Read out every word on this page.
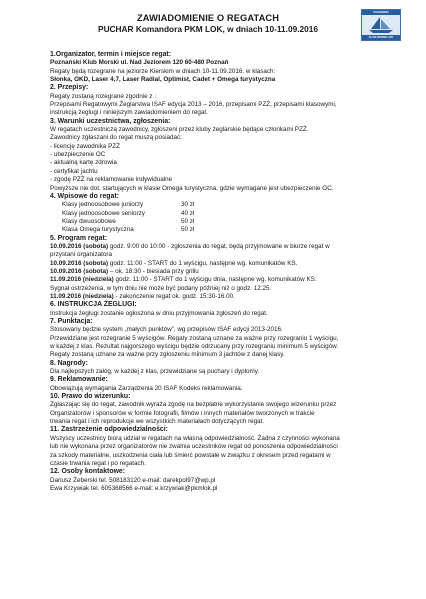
ZAWIADOMIENIE O REGATACH
PUCHAR Komandora PKM LOK, w dniach 10-11.09.2016
POZNAŃSKI
KLUB MORSKI LOK
1.Organizator, termin i miejsce regat:
Poznański Klub Morski ul. Nad Jeziorem 120 60-480 Poznań
Regaty będą rozegrane na jeziorze Kierskim w dniach 10-11.09.2016. w klasach:
Słonka, OKD, Laser 4,7, Laser Radial, Optimist, Cadet + Omega turystyczna
2. Przepisy:
Regaty zostaną rozegrane zgodnie z :
Przepisami Regatowymi Żeglarstwa ISAF edycja 2013 – 2016, przepisami PZŻ, przepisami klasowymi,
instrukcją żeglugi i niniejszym zawiadomieniem do regat.
3. Warunki uczestnictwa, zgłoszenia:
W regatach uczestniczą zawodnicy, zgłoszeni przez kluby żeglarskie będące członkami PZŻ.
Zawodnicy zgłaszani do regat muszą posiadać:
- licencję zawodnika PZŻ
- ubezpieczenie OC
- aktualną kartę zdrowia
- certyfikat jachtu
- zgodę PZŻ na reklamowanie indywidualne
Powyższe nie dot. startujących w klasie Omega turystyczna, gdzie wymagane jest ubezpieczenie OC.
4. Wpisowe do regat:
Klasy jednoosobowe juniorzy	30 zł
Klasy jednoosobowe seniorzy	40 zł
Klasy dwuosobowe	50 zł
Klasa Omega turystyczna	50 zł
5. Program regat:
10.09.2016 (sobota) godz. 9:00 do 10:00 - zgłoszenia do regat, będą przyjmowane w biurze regat w
przystani organizatora
10.09.2016 (sobota) godz. 11:00 - START do 1 wyścigu, następne wg. komunikatów KS.
10.09.2016 (sobota) – ok. 18:30 - biesiada przy grillu
11.09.2016 (niedziela) godz. 11:00 - START do 1 wyścigu dnia, następne wg. komunikatów KS.
Sygnał ostrzeżenia, w tym dniu nie może być podany później niż o godz. 12:25.
11.09.2016 (niedziela) - zakończenie regat ok. godz. 15:30-16.00.
6. INSTRUKCJA ŻEGLUGI:
Instrukcja żeglugi zostanie ogłoszona w dniu przyjmowania zgłoszeń do regat.
7. Punktacja:
Stosowany będzie system „małych punktów”, wg przepisów ISAF edycji 2013-2016.
Przewidziane jest rozegranie 5 wyścigów. Regaty zostaną uznane za ważne przy rozegraniu 1 wyścigu,
w każdej z klas. Rezultat najgorszego wyścigu będzie odrzucany przy rozegraniu minimum 5 wyścigów.
Regaty zostaną uznane za ważne przy zgłoszeniu minimum 3 jachtów z danej klasy.
8. Nagrody:
Dla najlepszych załóg, w każdej z klas, przewidziane są puchary i dyplomy.
9. Reklamowanie:
Obowiązują wymagania Zarządzenia 20 ISAF Kodeks reklamowania.
10. Prawo do wizerunku:
Zgłaszając się do regat, zawodnik wyraża zgodę na bezpłatne wykorzystanie swojego wizerunku przez
Organizatorów i sponsorów w formie fotografii, filmów i innych materiałów tworzonych w trakcie
trwania regat i ich reprodukcje we wszystkich materiałach dotyczących regat.
11. Zastrzeżenie odpowiedzialności:
Wszyscy uczestnicy biorą udział w regatach na własną odpowiedzialność. Żadna z czynności wykonana
lub nie wykonana przez organizatorów nie zwalnia uczestników regat od ponoszenia odpowiedzialności
za szkody materialne, uszkodzenia ciała lub śmierć powstałe w związku z okresem przed regatami w
czasie trwania regat i po regatach.
12. Osoby kontaktowe:
Dariusz Żeberski tel. 508183120 e-mail: darekpol97@wp.pl
Ewa Krzywiak tel. 605368566 e-mail: e.krzywiak@pkmlok.pl
